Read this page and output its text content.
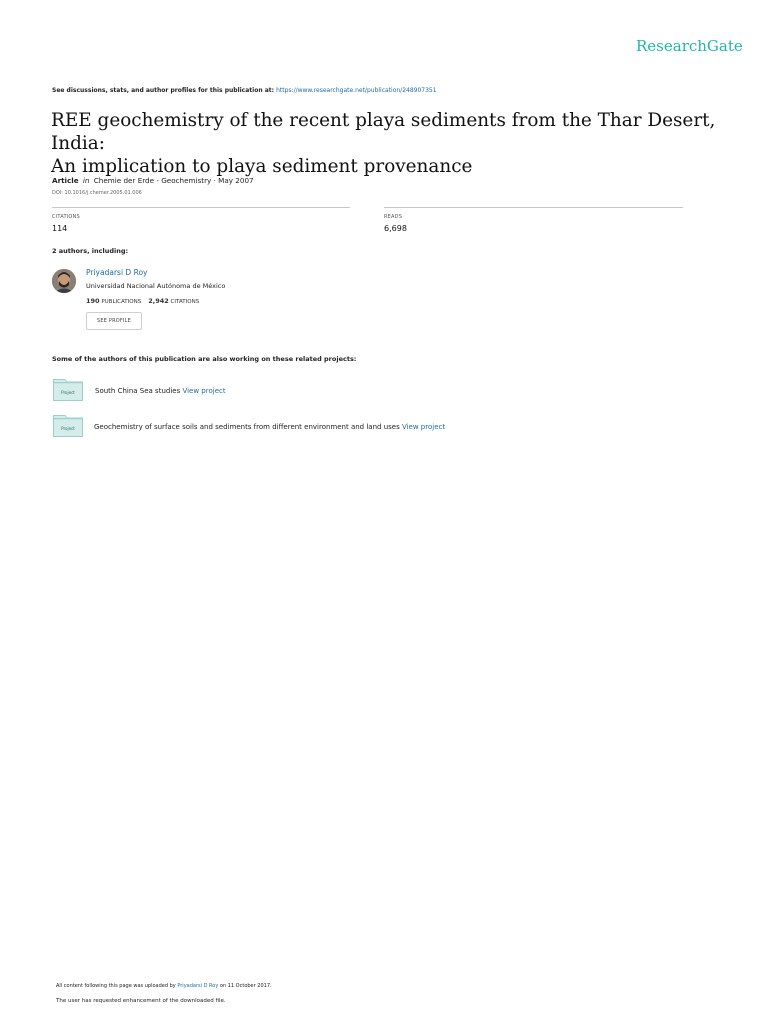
ResearchGate
See discussions, stats, and author profiles for this publication at: https://www.researchgate.net/publication/248907351
REE geochemistry of the recent playa sediments from the Thar Desert, India:
An implication to playa sediment provenance
Article in Chemie der Erde - Geochemistry · May 2007
DOI: 10.1016/j.chemer.2005.01.006
CITATIONS
114
READS
6,698
2 authors, including:
Priyadarsi D Roy
Universidad Nacional Autónoma de México
190 PUBLICATIONS 2,942 CITATIONS
SEE PROFILE
Some of the authors of this publication are also working on these related projects:
Project	South China Sea studies View project
Project	Geochemistry of surface soils and sediments from different environment and land uses View project
All content following this page was uploaded by Priyadarsi D Roy on 11 October 2017.
The user has requested enhancement of the downloaded file.
